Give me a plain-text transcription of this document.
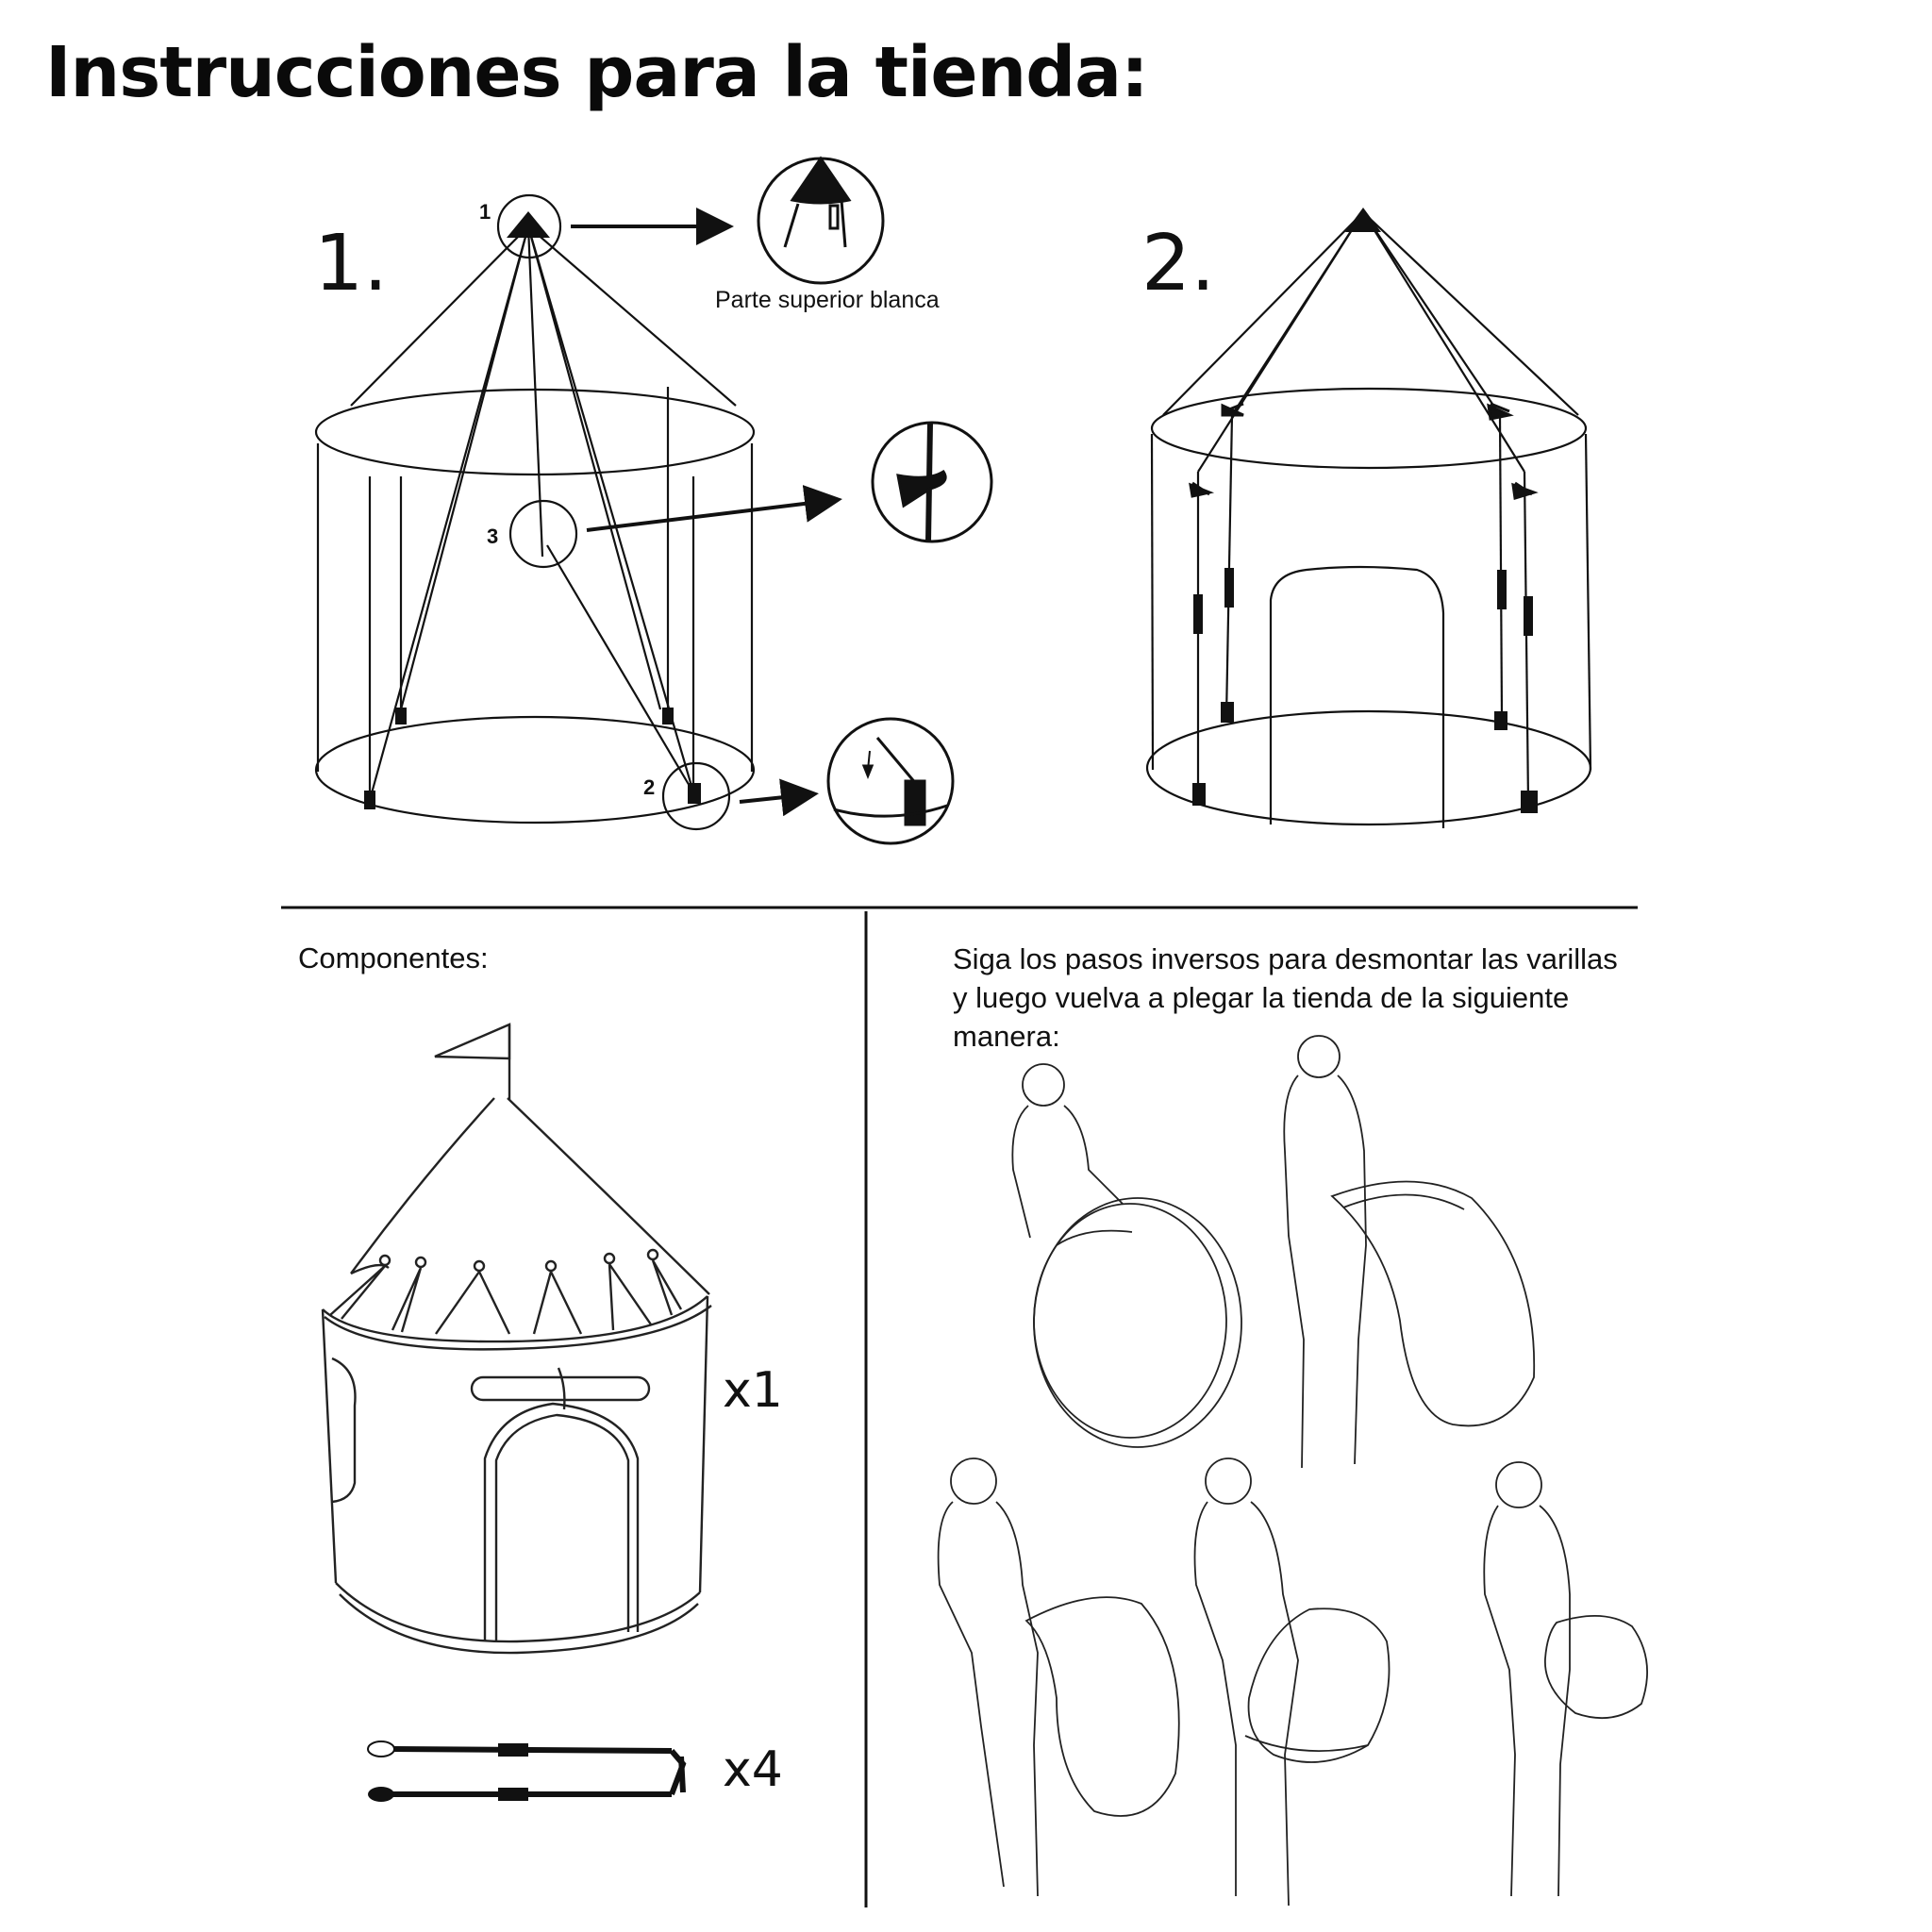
Instrucciones para la tienda:
1.	2.
1
2
3
Parte superior blanca
Componentes:
x1
x4
Siga los pasos inversos para desmontar las varillas y luego vuelva a plegar la tienda de la siguiente manera:
